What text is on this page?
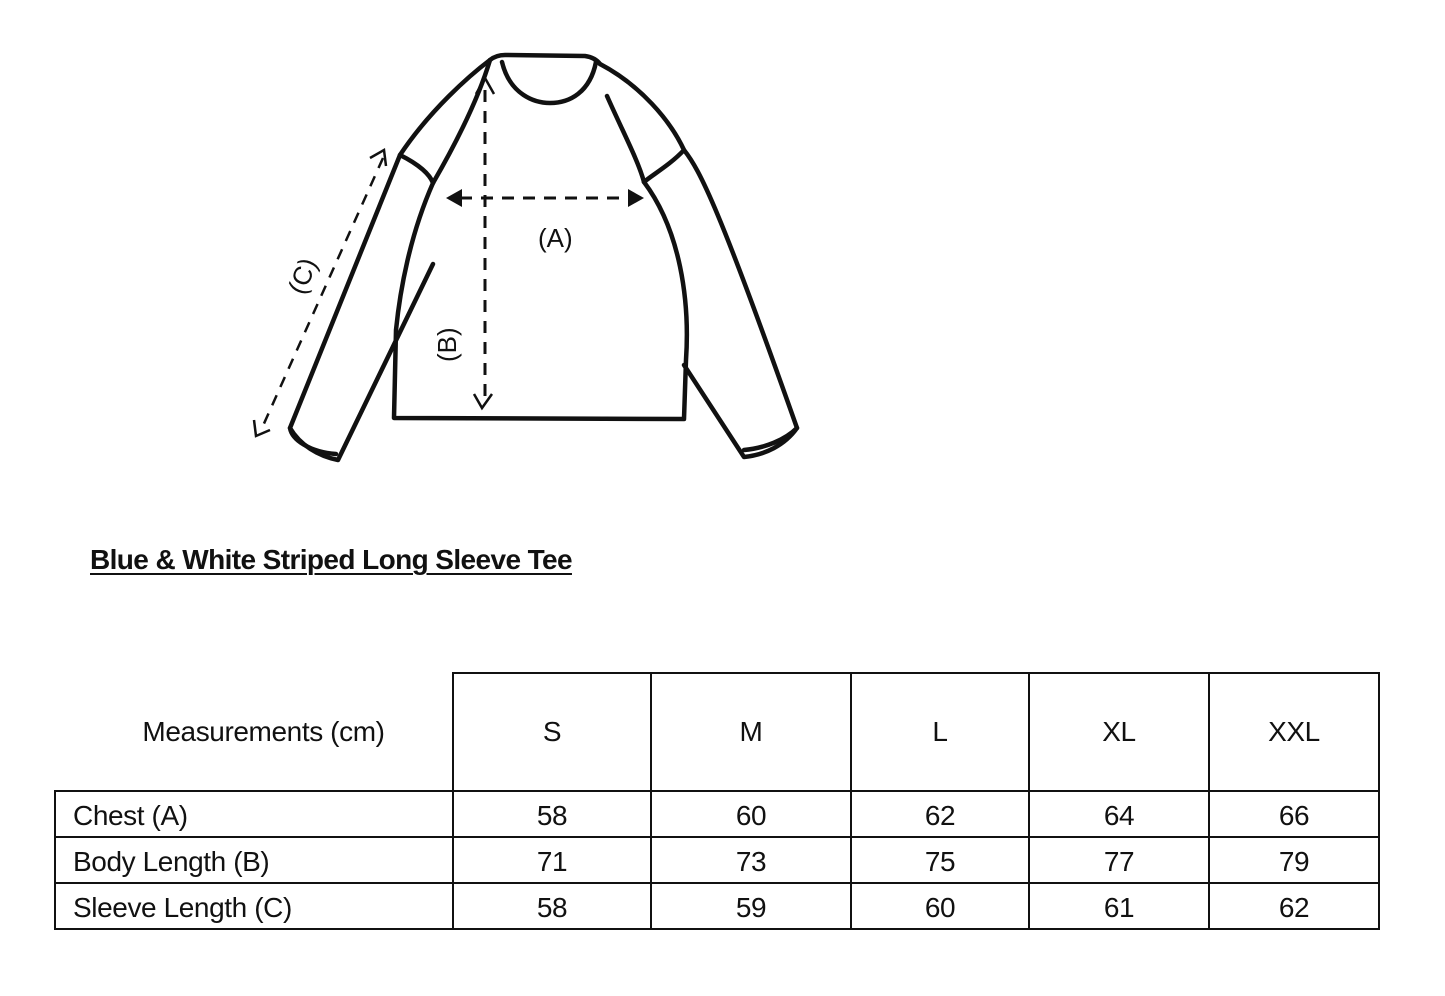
(A)
(B)
(C)
Blue & White Striped Long Sleeve Tee
Measurements (cm)	S	M	L	XL	XXL
Chest (A)	58	60	62	64	66
Body Length (B)	71	73	75	77	79
Sleeve Length (C)	58	59	60	61	62
